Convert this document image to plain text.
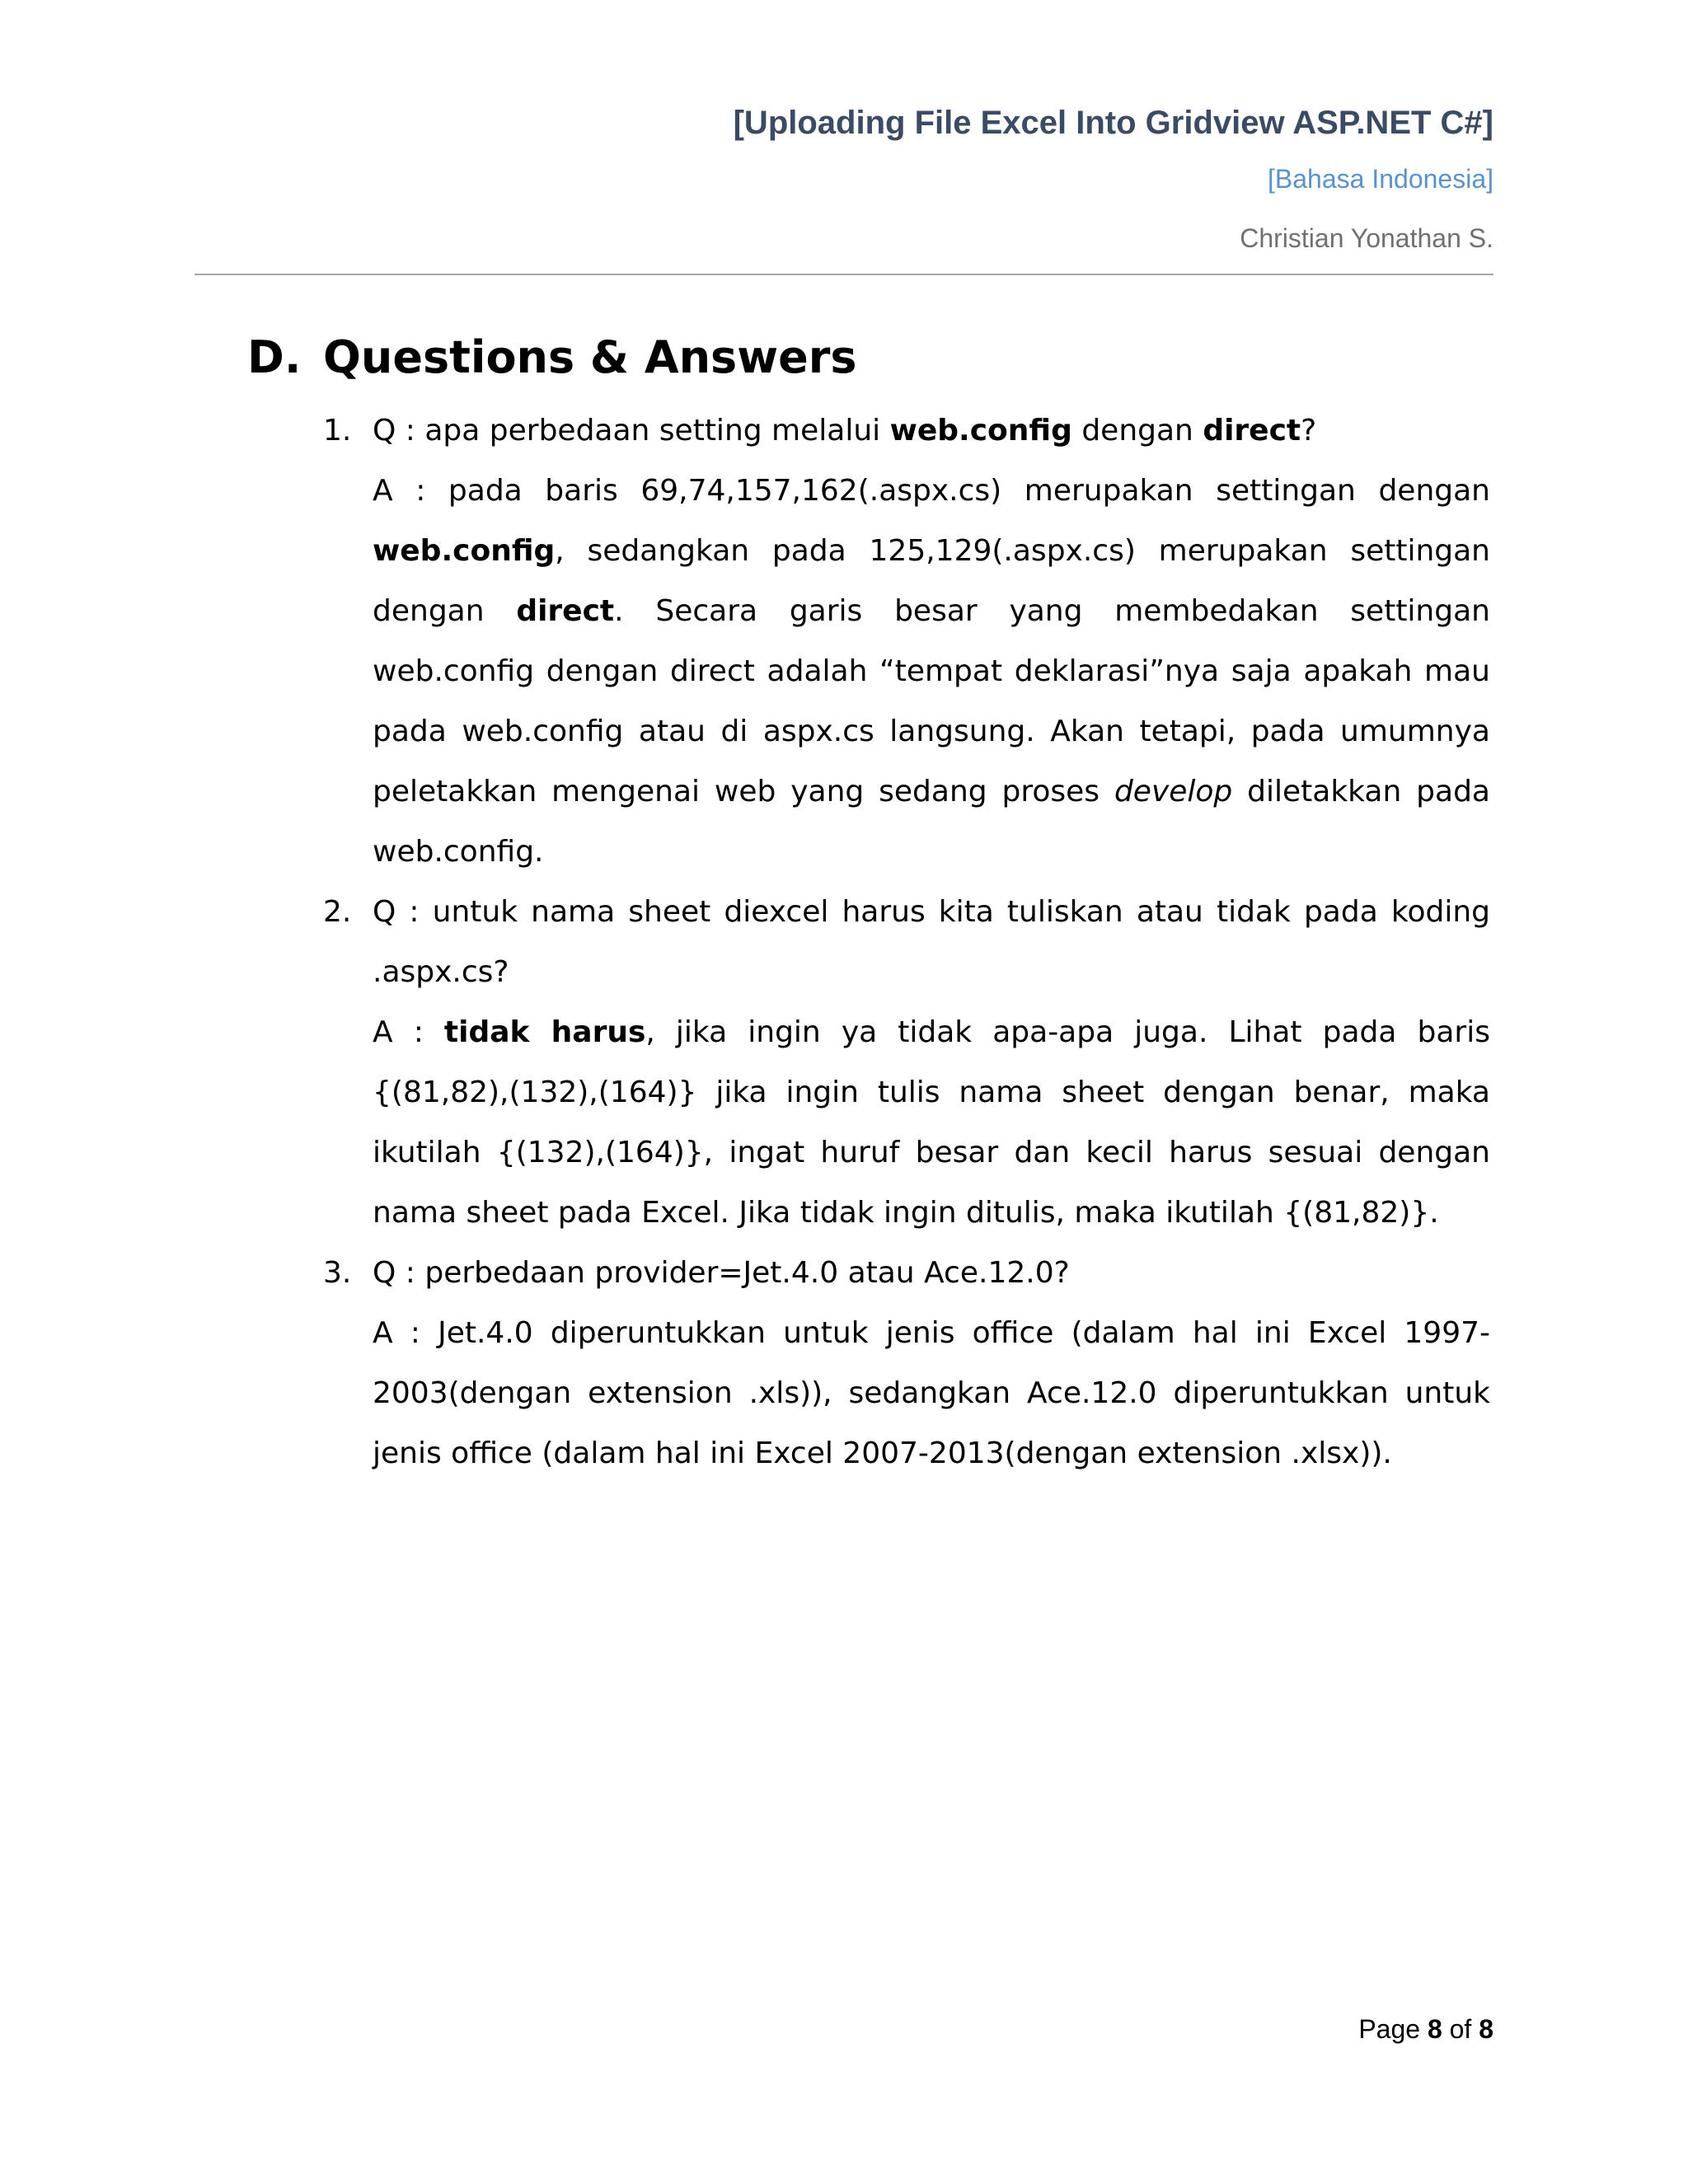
[Uploading File Excel Into Gridview ASP.NET C#]

[Bahasa Indonesia]

Christian Yonathan S.

D. Questions & Answers
1. Q : apa perbedaan setting melalui web.config dengan direct?

A : pada baris 69,74,157,162(.aspx.cs) merupakan settingan dengan web.config, sedangkan pada 125,129(.aspx.cs) merupakan settingan dengan direct. Secara garis besar yang membedakan settingan web.config dengan direct adalah “tempat deklarasi”nya saja apakah mau pada web.config atau di aspx.cs langsung. Akan tetapi, pada umumnya peletakkan mengenai web yang sedang proses develop diletakkan pada web.config.

2. Q : untuk nama sheet diexcel harus kita tuliskan atau tidak pada koding .aspx.cs?

A : tidak harus, jika ingin ya tidak apa-apa juga. Lihat pada baris {(81,82),(132),(164)} jika ingin tulis nama sheet dengan benar, maka ikutilah {(132),(164)}, ingat huruf besar dan kecil harus sesuai dengan nama sheet pada Excel. Jika tidak ingin ditulis, maka ikutilah {(81,82)}.

3. Q : perbedaan provider=Jet.4.0 atau Ace.12.0?

A : Jet.4.0 diperuntukkan untuk jenis office (dalam hal ini Excel 1997-2003(dengan extension .xls)), sedangkan Ace.12.0 diperuntukkan untuk jenis office (dalam hal ini Excel 2007-2013(dengan extension .xlsx)).

Page 8 of 8
